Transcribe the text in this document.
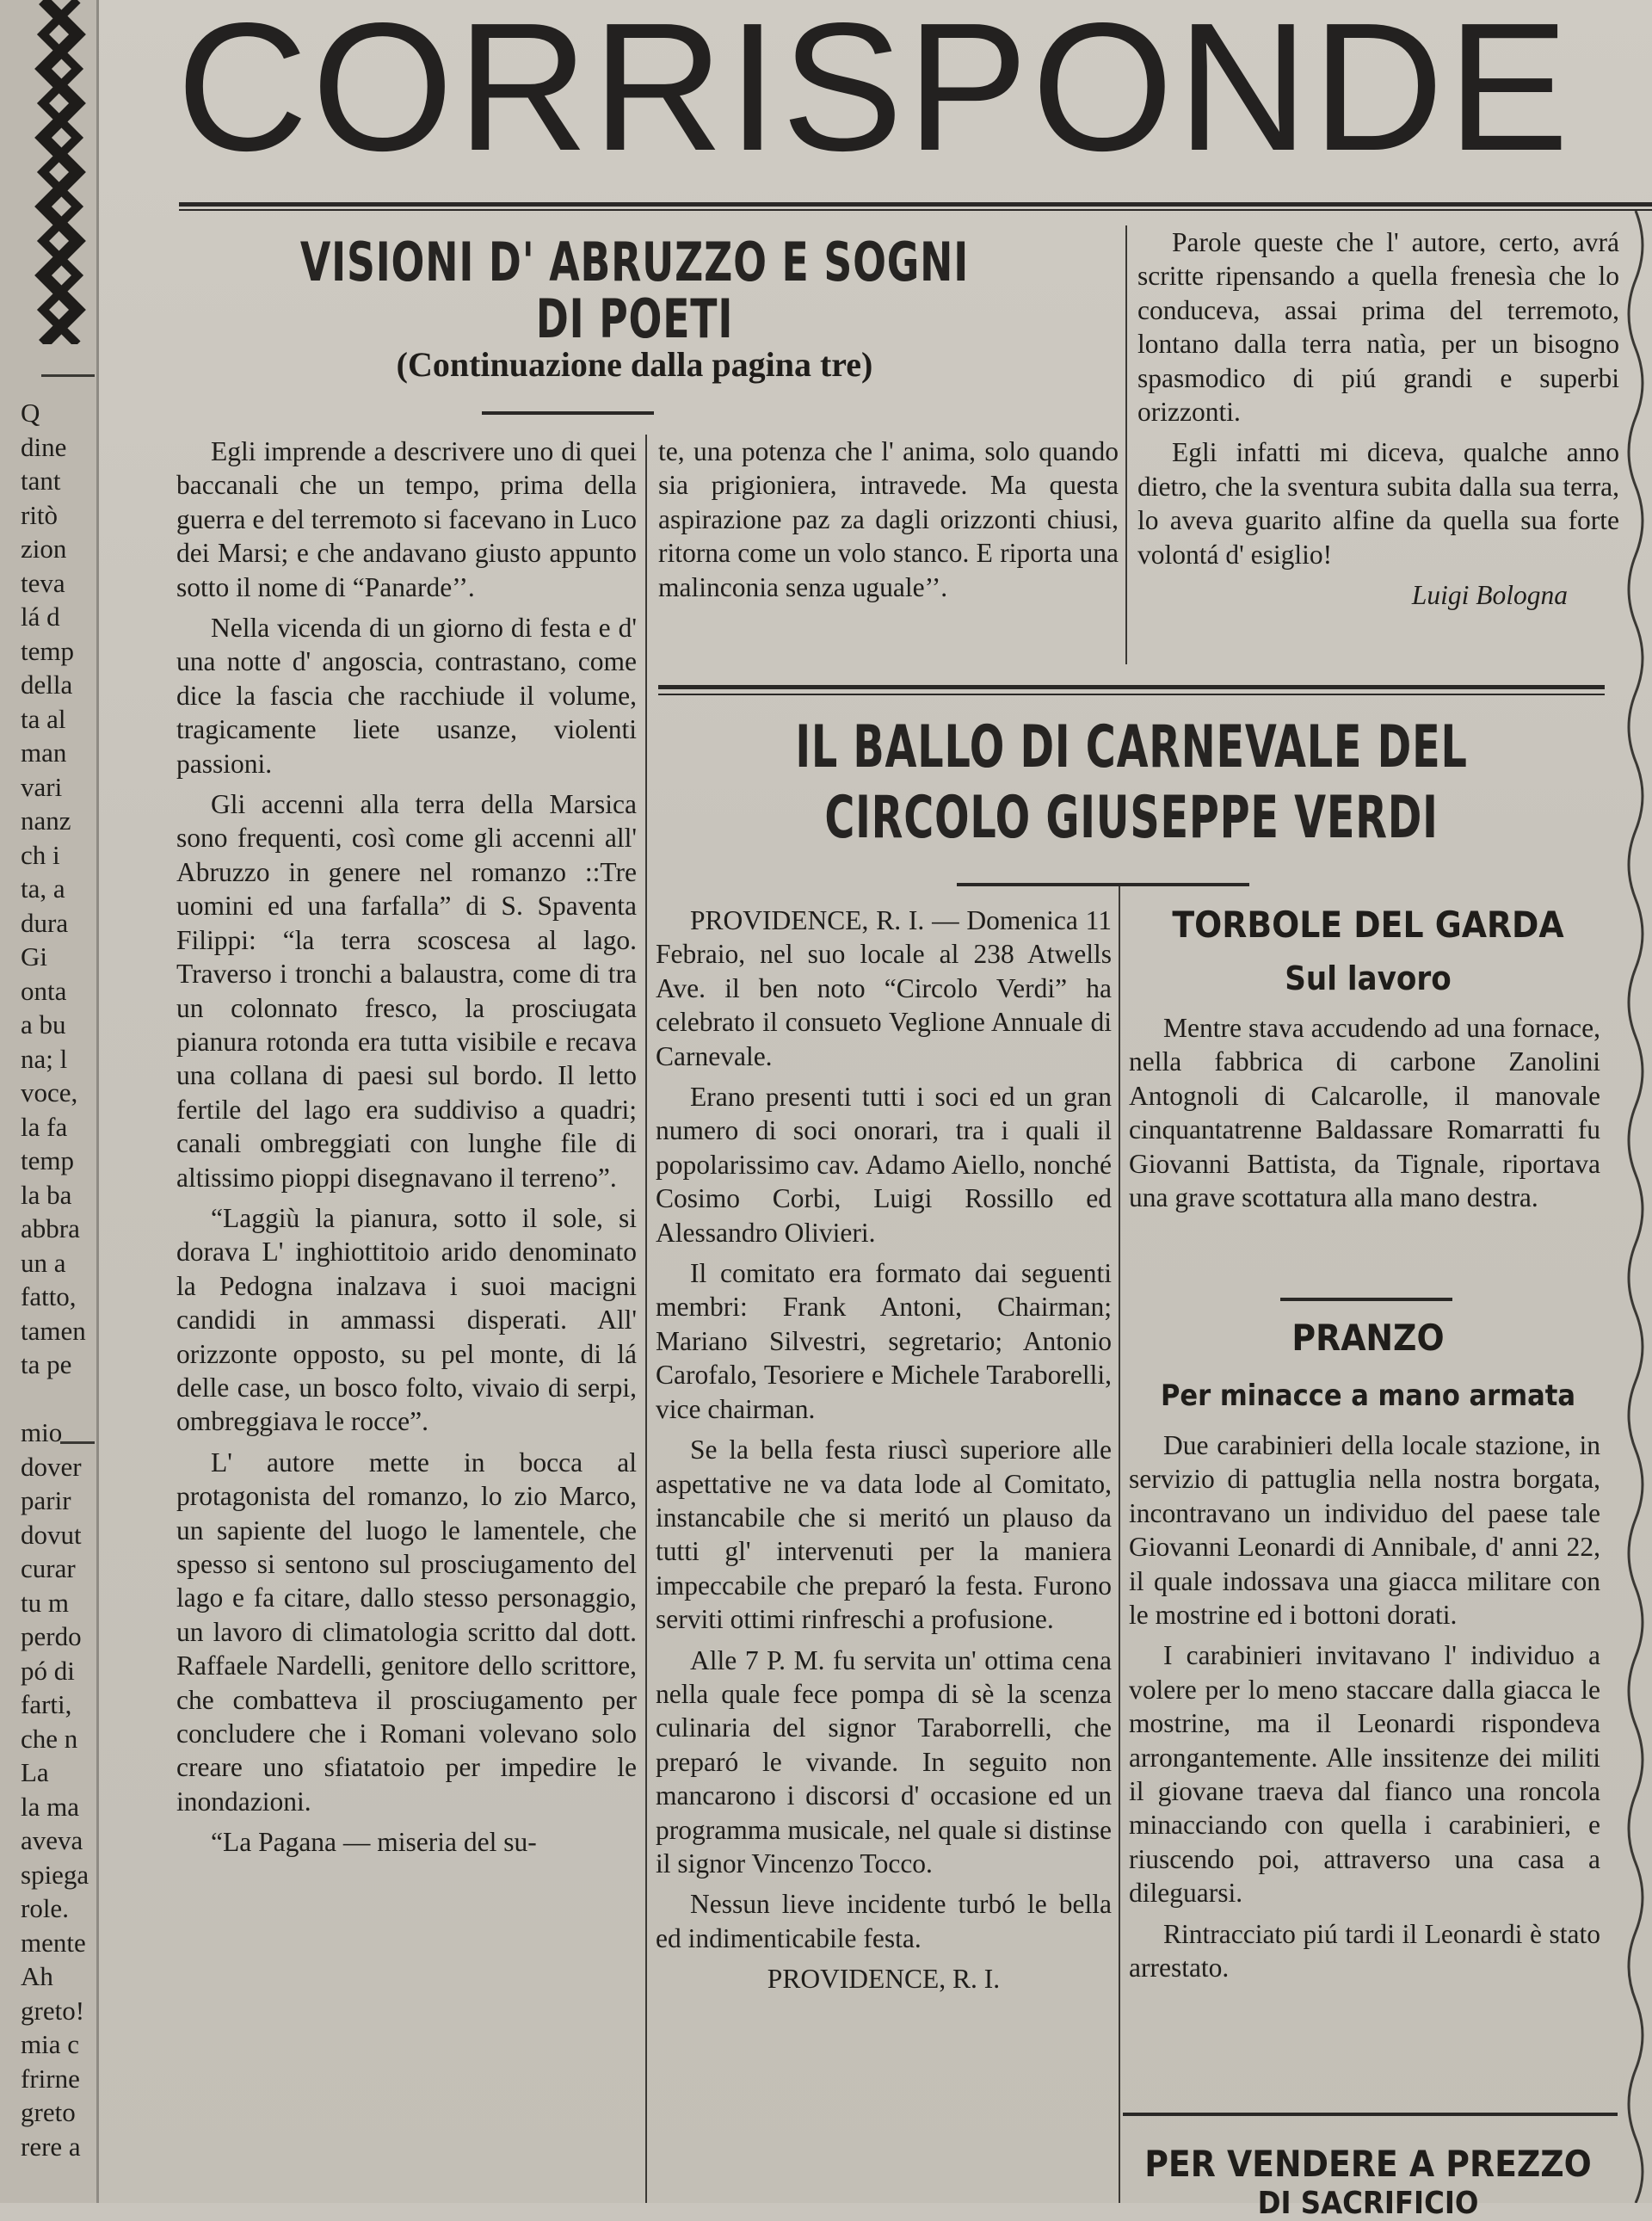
Q
dine
tant
ritò
zion
teva
lá d
temp
della
ta al
man
vari
nanz
ch i
ta, a
dura
Gi
onta
a bu
na; l
voce,
la fa
temp
la ba
abbra
un a
fatto,
tamen
ta pe
mio
dover
parir
dovut
curar
tu m
perdo
pó di
farti,
che n
La
la ma
aveva
spiega
role.
mente
Ah
greto!
mia c
frirne
greto
rere a
CORRISPONDE
VISIONI D' ABRUZZO E SOGNI DI POETI
(Continuazione dalla pagina tre)

Egli imprende a descrivere uno di quei baccanali che un tempo, prima della guerra e del terremoto si facevano in Luco dei Marsi; e che andavano giusto appunto sotto il nome di “Panarde’’.

Nella vicenda di un giorno di festa e d' una notte d' angoscia, contrastano, come dice la fascia che racchiude il volume, tragicamente liete usanze, violenti passioni.

Gli accenni alla terra della Marsica sono frequenti, così come gli accenni all' Abruzzo in genere nel romanzo ::Tre uomini ed una farfalla” di S. Spaventa Filippi: “la terra scoscesa al lago. Traverso i tronchi a balaustra, come di tra un colonnato fresco, la prosciugata pianura rotonda era tutta visibile e recava una collana di paesi sul bordo. Il letto fertile del lago era suddiviso a quadri; canali ombreggiati con lunghe file di altissimo pioppi disegnavano il terreno”.

“Laggiù la pianura, sotto il sole, si dorava L' inghiottitoio arido denominato la Pedogna inalzava i suoi macigni candidi in ammassi disperati. All' orizzonte opposto, su pel monte, di lá delle case, un bosco folto, vivaio di serpi, ombreggiava le rocce”.

L' autore mette in bocca al protagonista del romanzo, lo zio Marco, un sapiente del luogo le lamentele, che spesso si sentono sul prosciugamento del lago e fa citare, dallo stesso personaggio, un lavoro di climatologia scritto dal dott. Raffaele Nardelli, genitore dello scrittore, che combatteva il prosciugamento per concludere che i Romani volevano solo creare uno sfiatatoio per impedire le inondazioni.

“La Pagana — miseria del su-

te, una potenza che l' anima, solo quando sia prigioniera, intravede. Ma questa aspirazione paz za dagli orizzonti chiusi, ritorna come un volo stanco. E riporta una malinconia senza uguale’’.

Parole queste che l' autore, certo, avrá scritte ripensando a quella frenesìa che lo conduceva, assai prima del terremoto, lontano dalla terra natìa, per un bisogno spasmodico di piú grandi e superbi orizzonti.

Egli infatti mi diceva, qualche anno dietro, che la sventura subita dalla sua terra, lo aveva guarito alfine da quella sua forte volontá d' esiglio!

Luigi Bologna
IL BALLO DI CARNEVALE DEL CIRCOLO GIUSEPPE VERDI

PROVIDENCE, R. I. — Domenica 11 Febraio, nel suo locale al 238 Atwells Ave. il ben noto “Circolo Verdi” ha celebrato il consueto Veglione Annuale di Carnevale.

Erano presenti tutti i soci ed un gran numero di soci onorari, tra i quali il popolarissimo cav. Adamo Aiello, nonché Cosimo Corbi, Luigi Rossillo ed Alessandro Olivieri.

Il comitato era formato dai seguenti membri: Frank Antoni, Chairman; Mariano Silvestri, segretario; Antonio Carofalo, Tesoriere e Michele Taraborelli, vice chairman.

Se la bella festa riuscì superiore alle aspettative ne va data lode al Comitato, instancabile che si meritó un plauso da tutti gl' intervenuti per la maniera impeccabile che preparó la festa. Furono serviti ottimi rinfreschi a profusione.

Alle 7 P. M. fu servita un' ottima cena nella quale fece pompa di sè la scenza culinaria del signor Taraborrelli, che preparó le vivande. In seguito non mancarono i discorsi d' occasione ed un programma musicale, nel quale si distinse il signor Vincenzo Tocco.

Nessun lieve incidente turbó le bella ed indimenticabile festa.

PROVIDENCE, R. I.

TORBOLE DEL GARDA
Sul lavoro

Mentre stava accudendo ad una fornace, nella fabbrica di carbone Zanolini Antognoli di Calcarolle, il manovale cinquantatrenne Baldassare Romarratti fu Giovanni Battista, da Tignale, riportava una grave scottatura alla mano destra.

PRANZO
Per minacce a mano armata

Due carabinieri della locale stazione, in servizio di pattuglia nella nostra borgata, incontravano un individuo del paese tale Giovanni Leonardi di Annibale, d' anni 22, il quale indossava una giacca militare con le mostrine ed i bottoni dorati.

I carabinieri invitavano l' individuo a volere per lo meno staccare dalla giacca le mostrine, ma il Leonardi rispondeva arrongantemente. Alle inssitenze dei militi il giovane traeva dal fianco una roncola minacciando con quella i carabinieri, e riuscendo poi, attraverso una casa a dileguarsi.

Rintracciato piú tardi il Leonardi è stato arrestato.

PER VENDERE A PREZZO
DI SACRIFICIO
